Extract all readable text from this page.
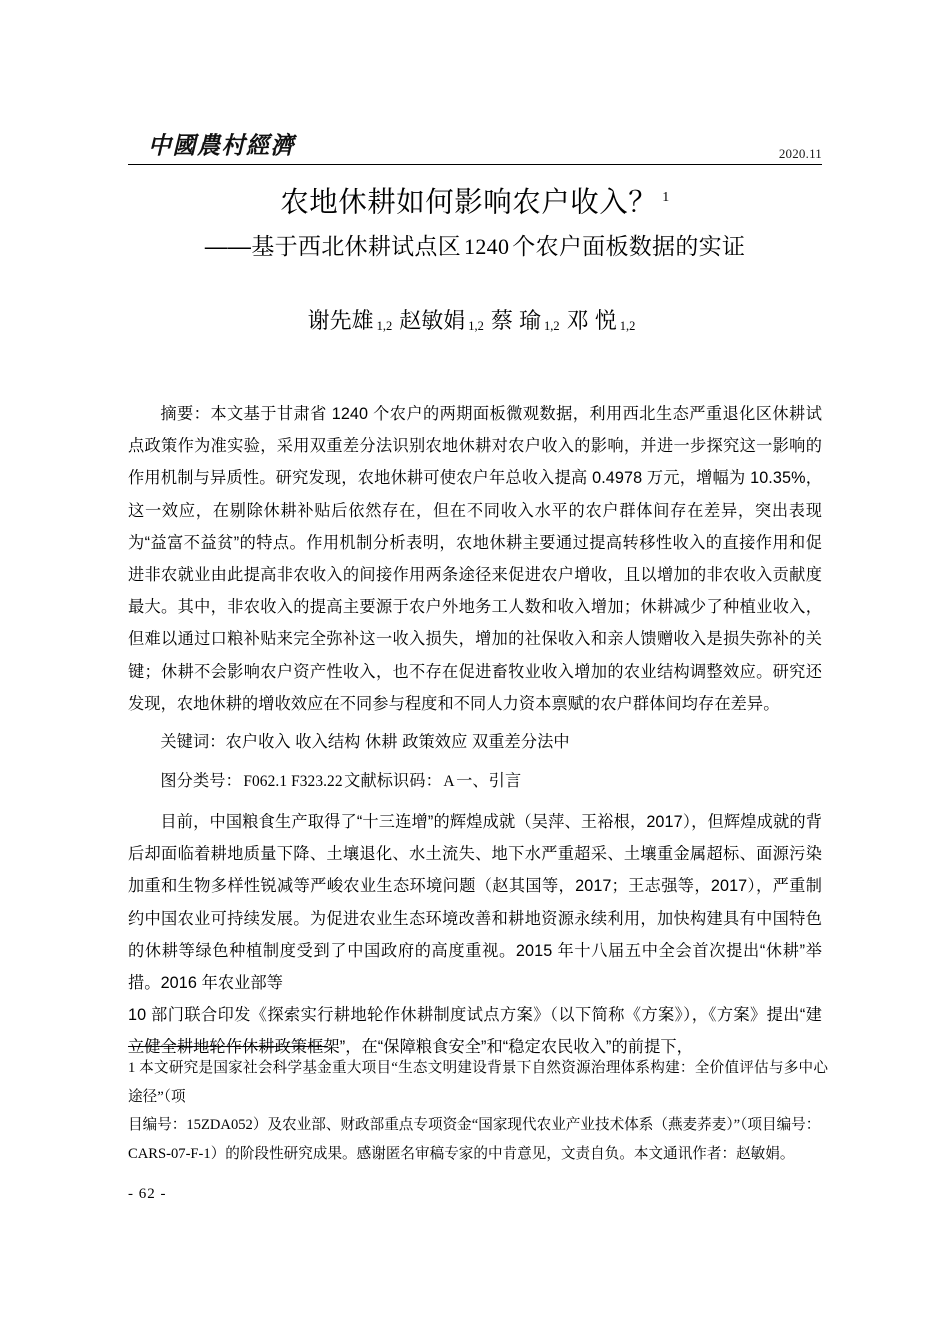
中國農村經濟	2020.11
农地休耕如何影响农户收入？ $^1$
——基于西北休耕试点区 1240 个农户面板数据的实证
谢先雄 1,2 赵敏娟 1,2 蔡 瑜 1,2 邓 悦 1,2

摘要：本文基于甘肃省 1240 个农户的两期面板微观数据，利用西北生态严重退化区休耕试点政策作为准实验，采用双重差分法识别农地休耕对农户收入的影响，并进一步探究这一影响的作用机制与异质性。研究发现，农地休耕可使农户年总收入提高 0.4978 万元，增幅为 10.35%，这一效应，在剔除休耕补贴后依然存在，但在不同收入水平的农户群体间存在差异，突出表现为“益富不益贫”的特点。作用机制分析表明，农地休耕主要通过提高转移性收入的直接作用和促进非农就业由此提高非农收入的间接作用两条途径来促进农户增收，且以增加的非农收入贡献度最大。其中，非农收入的提高主要源于农户外地务工人数和收入增加；休耕减少了种植业收入，但难以通过口粮补贴来完全弥补这一收入损失，增加的社保收入和亲人馈赠收入是损失弥补的关键；休耕不会影响农户资产性收入，也不存在促进畜牧业收入增加的农业结构调整效应。研究还发现，农地休耕的增收效应在不同参与程度和不同人力资本禀赋的农户群体间均存在差异。

关键词：农户收入 收入结构 休耕 政策效应 双重差分法中

图分类号：F062.1 F323.22文献标识码：A一、引言

目前，中国粮食生产取得了“十三连增”的辉煌成就（吴萍、王裕根，2017），但辉煌成就的背后却面临着耕地质量下降、土壤退化、水土流失、地下水严重超采、土壤重金属超标、面源污染加重和生物多样性锐减等严峻农业生态环境问题（赵其国等，2017；王志强等，2017），严重制约中国农业可持续发展。为促进农业生态环境改善和耕地资源永续利用，加快构建具有中国特色的休耕等绿色种植制度受到了中国政府的高度重视。2015 年十八届五中全会首次提出“休耕”举措。2016 年农业部等

10 部门联合印发《探索实行耕地轮作休耕制度试点方案》（以下简称《方案》），《方案》提出“建立健全耕地轮作休耕政策框架”，在“保障粮食安全”和“稳定农民收入”的前提下，

1 本文研究是国家社会科学基金重大项目“生态文明建设背景下自然资源治理体系构建：全价值评估与多中心途径”（项

目编号：15ZDA052）及农业部、财政部重点专项资金“国家现代农业产业技术体系（燕麦荞麦）”（项目编号：

CARS-07-F-1）的阶段性研究成果。感谢匿名审稿专家的中肯意见，文责自负。本文通讯作者：赵敏娟。

- 62 -
